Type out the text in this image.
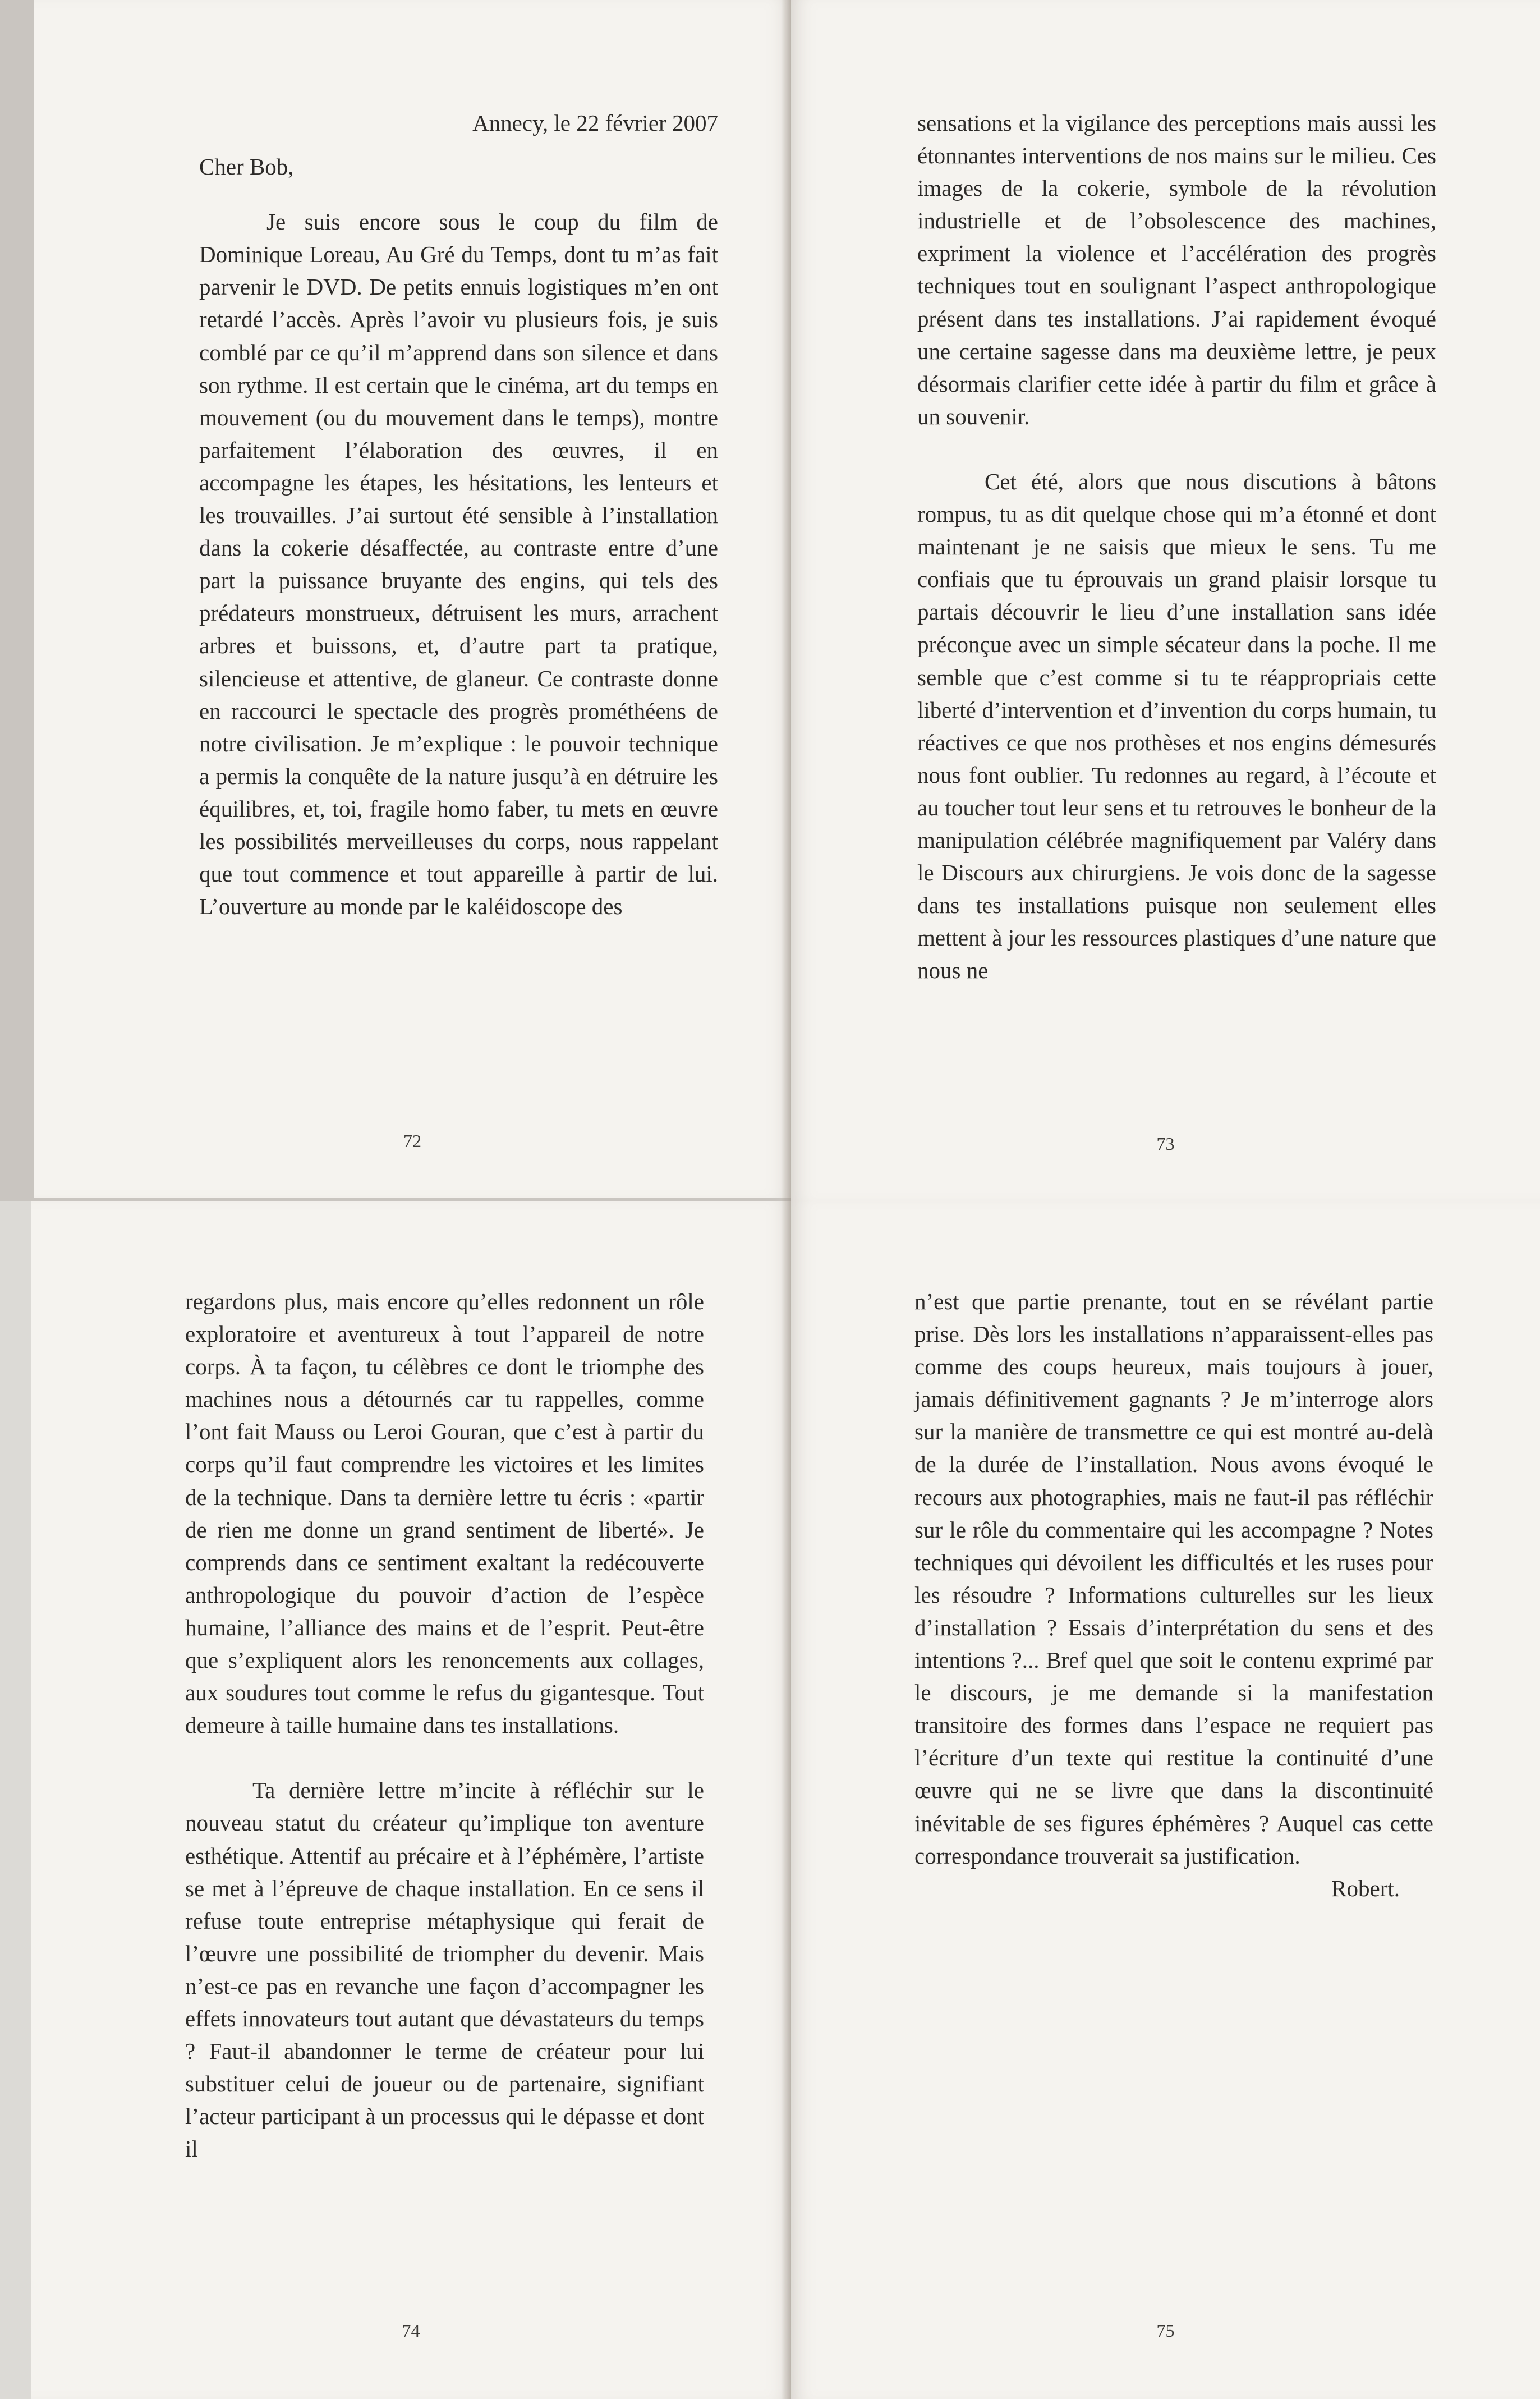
Annecy, le 22 février 2007

Cher Bob,

Je suis encore sous le coup du film de Dominique Loreau, Au Gré du Temps, dont tu m’as fait parvenir le DVD. De petits ennuis logistiques m’en ont retardé l’accès. Après l’avoir vu plusieurs fois, je suis comblé par ce qu’il m’apprend dans son silence et dans son rythme. Il est certain que le cinéma, art du temps en mouvement (ou du mouvement dans le temps), montre parfaitement l’élaboration des œuvres, il en accompagne les étapes, les hésitations, les lenteurs et les trouvailles. J’ai surtout été sensible à l’installation dans la cokerie désaffectée, au contraste entre d’une part la puissance bruyante des engins, qui tels des prédateurs monstrueux, détruisent les murs, arrachent arbres et buissons, et, d’autre part ta pratique, silencieuse et attentive, de glaneur. Ce contraste donne en raccourci le spectacle des progrès prométhéens de notre civilisation. Je m’explique : le pouvoir technique a permis la conquête de la nature jusqu’à en détruire les équilibres, et, toi, fragile homo faber, tu mets en œuvre les possibilités merveilleuses du corps, nous rappelant que tout commence et tout appareille à partir de lui. L’ouverture au monde par le kaléidoscope des

72

sensations et la vigilance des perceptions mais aussi les étonnantes interventions de nos mains sur le milieu. Ces images de la cokerie, symbole de la révolution industrielle et de l’obsolescence des machines, expriment la violence et l’accélération des progrès techniques tout en soulignant l’aspect anthropologique présent dans tes installations. J’ai rapidement évoqué une certaine sagesse dans ma deuxième lettre, je peux désormais clarifier cette idée à partir du film et grâce à un souvenir.

Cet été, alors que nous discutions à bâtons rompus, tu as dit quelque chose qui m’a étonné et dont maintenant je ne saisis que mieux le sens. Tu me confiais que tu éprouvais un grand plaisir lorsque tu partais découvrir le lieu d’une installation sans idée préconçue avec un simple sécateur dans la poche. Il me semble que c’est comme si tu te réappropriais cette liberté d’intervention et d’invention du corps humain, tu réactives ce que nos prothèses et nos engins démesurés nous font oublier. Tu redonnes au regard, à l’écoute et au toucher tout leur sens et tu retrouves le bonheur de la manipulation célébrée magnifiquement par Valéry dans le Discours aux chirurgiens. Je vois donc de la sagesse dans tes installations puisque non seulement elles mettent à jour les ressources plastiques d’une nature que nous ne

73

regardons plus, mais encore qu’elles redonnent un rôle exploratoire et aventureux à tout l’appareil de notre corps. À ta façon, tu célèbres ce dont le triomphe des machines nous a détournés car tu rappelles, comme l’ont fait Mauss ou Leroi Gouran, que c’est à partir du corps qu’il faut comprendre les victoires et les limites de la technique. Dans ta dernière lettre tu écris : «partir de rien me donne un grand sentiment de liberté». Je comprends dans ce sentiment exaltant la redécouverte anthropologique du pouvoir d’action de l’espèce humaine, l’alliance des mains et de l’esprit. Peut-être que s’expliquent alors les renoncements aux collages, aux soudures tout comme le refus du gigantesque. Tout demeure à taille humaine dans tes installations.

Ta dernière lettre m’incite à réfléchir sur le nouveau statut du créateur qu’implique ton aventure esthétique. Attentif au précaire et à l’éphémère, l’artiste se met à l’épreuve de chaque installation. En ce sens il refuse toute entreprise métaphysique qui ferait de l’œuvre une possibilité de triompher du devenir. Mais n’est-ce pas en revanche une façon d’accompagner les effets innovateurs tout autant que dévastateurs du temps ? Faut-il abandonner le terme de créateur pour lui substituer celui de joueur ou de partenaire, signifiant l’acteur participant à un processus qui le dépasse et dont il

74

n’est que partie prenante, tout en se révélant partie prise. Dès lors les installations n’apparaissent-elles pas comme des coups heureux, mais toujours à jouer, jamais définitivement gagnants ? Je m’interroge alors sur la manière de transmettre ce qui est montré au-delà de la durée de l’installation. Nous avons évoqué le recours aux photographies, mais ne faut-il pas réfléchir sur le rôle du commentaire qui les accompagne ? Notes techniques qui dévoilent les difficultés et les ruses pour les résoudre ? Informations culturelles sur les lieux d’installation ? Essais d’interprétation du sens et des intentions ?... Bref quel que soit le contenu exprimé par le discours, je me demande si la manifestation transitoire des formes dans l’espace ne requiert pas l’écriture d’un texte qui restitue la continuité d’une œuvre qui ne se livre que dans la discontinuité inévitable de ses figures éphémères ? Auquel cas cette correspondance trouverait sa justification.

Robert.

75
